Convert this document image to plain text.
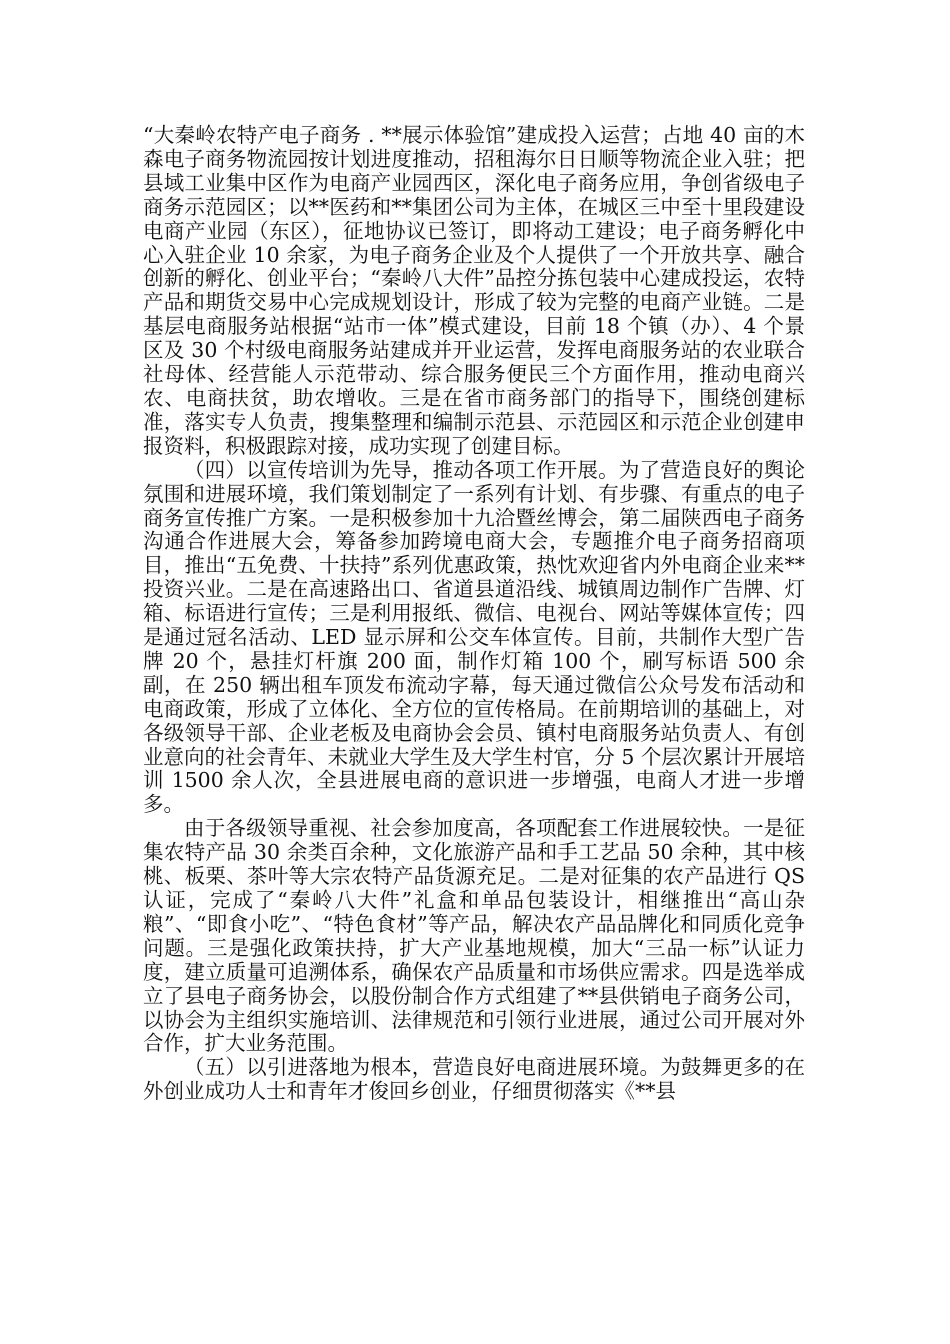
“大秦岭农特产电子商务 . **展示体验馆”建成投入运营；占地 40 亩的木森电子商务物流园按计划进度推动，招租海尔日日顺等物流企业入驻；把县域工业集中区作为电商产业园西区，深化电子商务应用，争创省级电子商务示范园区；以**医药和**集团公司为主体，在城区三中至十里段建设电商产业园（东区），征地协议已签订，即将动工建设；电子商务孵化中心入驻企业 10 余家，为电子商务企业及个人提供了一个开放共享、融合创新的孵化、创业平台；“秦岭八大件”品控分拣包装中心建成投运，农特产品和期货交易中心完成规划设计，形成了较为完整的电商产业链。二是基层电商服务站根据“站市一体”模式建设，目前 18 个镇（办）、4 个景区及 30 个村级电商服务站建成并开业运营，发挥电商服务站的农业联合社母体、经营能人示范带动、综合服务便民三个方面作用，推动电商兴农、电商扶贫，助农增收。三是在省市商务部门的指导下，围绕创建标准，落实专人负责，搜集整理和编制示范县、示范园区和示范企业创建申报资料，积极跟踪对接，成功实现了创建目标。

（四）以宣传培训为先导，推动各项工作开展。为了营造良好的舆论氛围和进展环境，我们策划制定了一系列有计划、有步骤、有重点的电子商务宣传推广方案。一是积极参加十九洽暨丝博会，第二届陕西电子商务沟通合作进展大会，筹备参加跨境电商大会，专题推介电子商务招商项目，推出“五免费、十扶持”系列优惠政策，热忱欢迎省内外电商企业来**投资兴业。二是在高速路出口、省道县道沿线、城镇周边制作广告牌、灯箱、标语进行宣传；三是利用报纸、微信、电视台、网站等媒体宣传；四是通过冠名活动、LED 显示屏和公交车体宣传。目前，共制作大型广告牌 20 个，悬挂灯杆旗 200 面，制作灯箱 100 个，刷写标语 500 余副，在 250 辆出租车顶发布流动字幕，每天通过微信公众号发布活动和电商政策，形成了立体化、全方位的宣传格局。在前期培训的基础上，对各级领导干部、企业老板及电商协会会员、镇村电商服务站负责人、有创业意向的社会青年、未就业大学生及大学生村官，分 5 个层次累计开展培训 1500 余人次，全县进展电商的意识进一步增强，电商人才进一步增多。

由于各级领导重视、社会参加度高，各项配套工作进展较快。一是征集农特产品 30 余类百余种，文化旅游产品和手工艺品 50 余种，其中核桃、板栗、茶叶等大宗农特产品货源充足。二是对征集的农产品进行 QS 认证，完成了“秦岭八大件”礼盒和单品包装设计，相继推出“高山杂粮”、“即食小吃”、“特色食材”等产品，解决农产品品牌化和同质化竞争问题。三是强化政策扶持，扩大产业基地规模，加大“三品一标”认证力度，建立质量可追溯体系，确保农产品质量和市场供应需求。四是选举成立了县电子商务协会，以股份制合作方式组建了**县供销电子商务公司，以协会为主组织实施培训、法律规范和引领行业进展，通过公司开展对外合作，扩大业务范围。

（五）以引进落地为根本，营造良好电商进展环境。为鼓舞更多的在外创业成功人士和青年才俊回乡创业，仔细贯彻落实《**县
